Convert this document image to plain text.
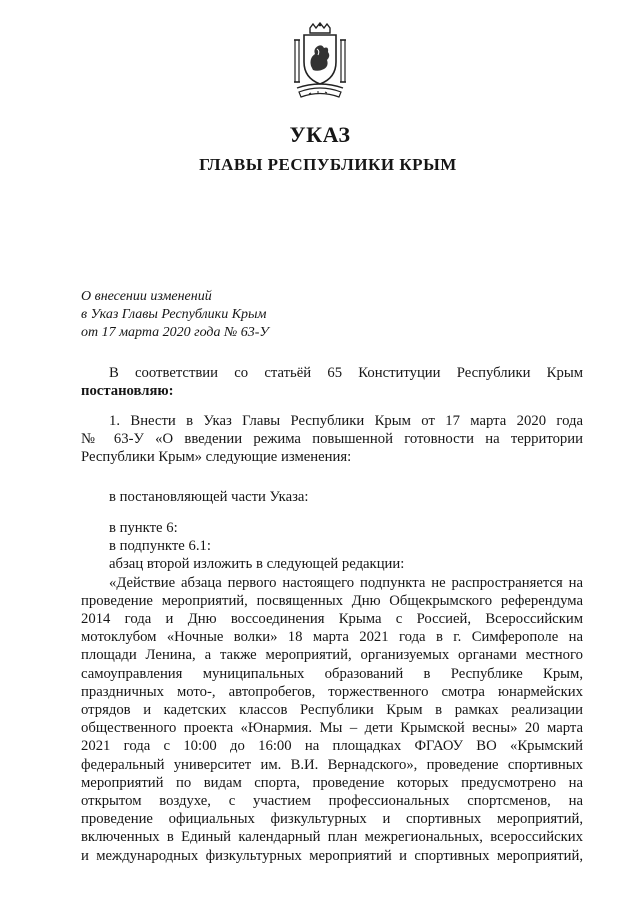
УКАЗ
ГЛАВЫ РЕСПУБЛИКИ КРЫМ
О внесении изменений
в Указ Главы Республики Крым
от 17 марта 2020 года № 63-У
В соответствии со статьёй 65 Конституции Республики Крым
постановляю:
1. Внести в Указ Главы Республики Крым от 17 марта 2020 года
№ 63-У «О введении режима повышенной готовности на территории
Республики Крым» следующие изменения:
в постановляющей части Указа:
в пункте 6:
в подпункте 6.1:
абзац второй изложить в следующей редакции:
«Действие абзаца первого настоящего подпункта не распространяется на
проведение мероприятий, посвященных Дню Общекрымского референдума
2014 года и Дню воссоединения Крыма с Россией, Всероссийским
мотоклубом «Ночные волки» 18 марта 2021 года в г. Симферополе на
площади Ленина, а также мероприятий, организуемых органами местного
самоуправления муниципальных образований в Республике Крым,
праздничных мото-, автопробегов, торжественного смотра юнармейских
отрядов и кадетских классов Республики Крым в рамках реализации
общественного проекта «Юнармия. Мы – дети Крымской весны» 20 марта
2021 года с 10:00 до 16:00 на площадках ФГАОУ ВО «Крымский
федеральный университет им. В.И. Вернадского», проведение спортивных
мероприятий по видам спорта, проведение которых предусмотрено на
открытом воздухе, с участием профессиональных спортсменов, на
проведение официальных физкультурных и спортивных мероприятий,
включенных в Единый календарный план межрегиональных, всероссийских
и международных физкультурных мероприятий и спортивных мероприятий,
